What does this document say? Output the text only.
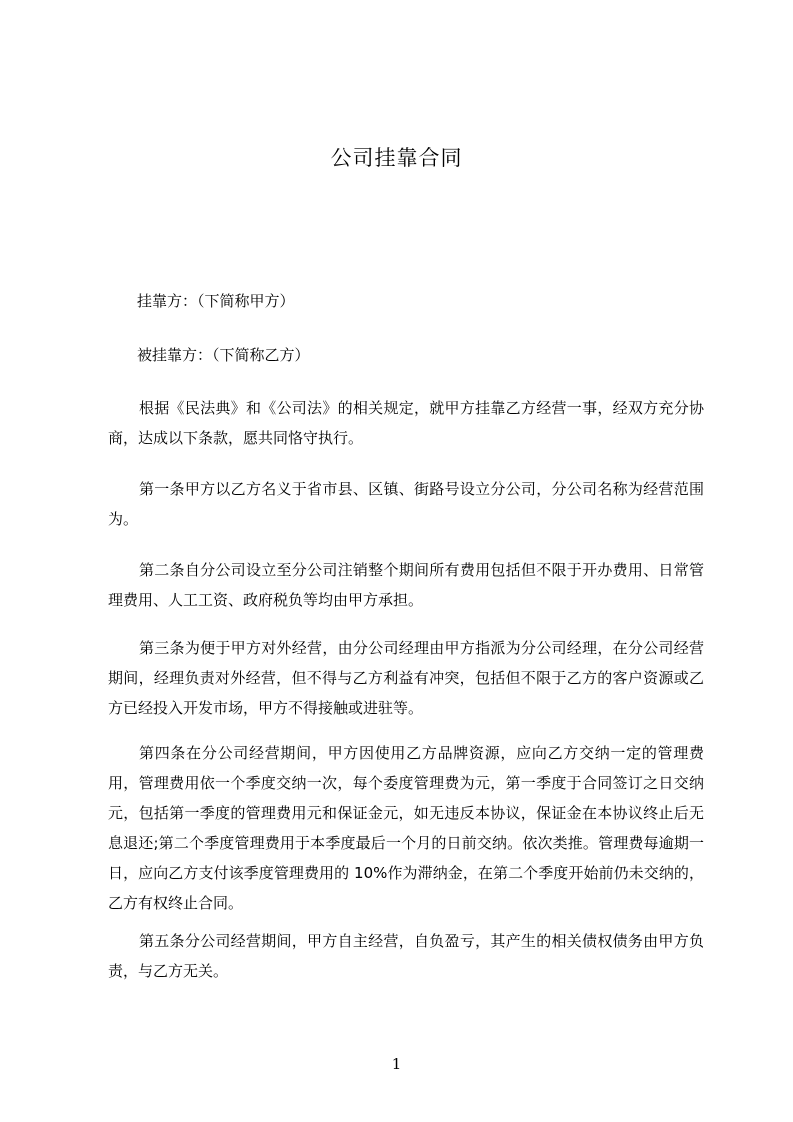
公司挂靠合同

挂靠方：（下简称甲方）

被挂靠方：（下简称乙方）

根据《民法典》和《公司法》的相关规定，就甲方挂靠乙方经营一事，经双方充分协商，达成以下条款，愿共同恪守执行。

第一条甲方以乙方名义于省市县、区镇、街路号设立分公司，分公司名称为经营范围为。

第二条自分公司设立至分公司注销整个期间所有费用包括但不限于开办费用、日常管理费用、人工工资、政府税负等均由甲方承担。

第三条为便于甲方对外经营，由分公司经理由甲方指派为分公司经理，在分公司经营期间，经理负责对外经营，但不得与乙方利益有冲突，包括但不限于乙方的客户资源或乙方已经投入开发市场，甲方不得接触或进驻等。

第四条在分公司经营期间，甲方因使用乙方品牌资源，应向乙方交纳一定的管理费用，管理费用依一个季度交纳一次，每个委度管理费为元，第一季度于合同签订之日交纳元，包括第一季度的管理费用元和保证金元，如无违反本协议，保证金在本协议终止后无息退还;第二个季度管理费用于本季度最后一个月的日前交纳。依次类推。管理费每逾期一日，应向乙方支付该季度管理费用的 10%作为滞纳金，在第二个季度开始前仍未交纳的，乙方有权终止合同。

第五条分公司经营期间，甲方自主经营，自负盈亏，其产生的相关债权债务由甲方负责，与乙方无关。

1
